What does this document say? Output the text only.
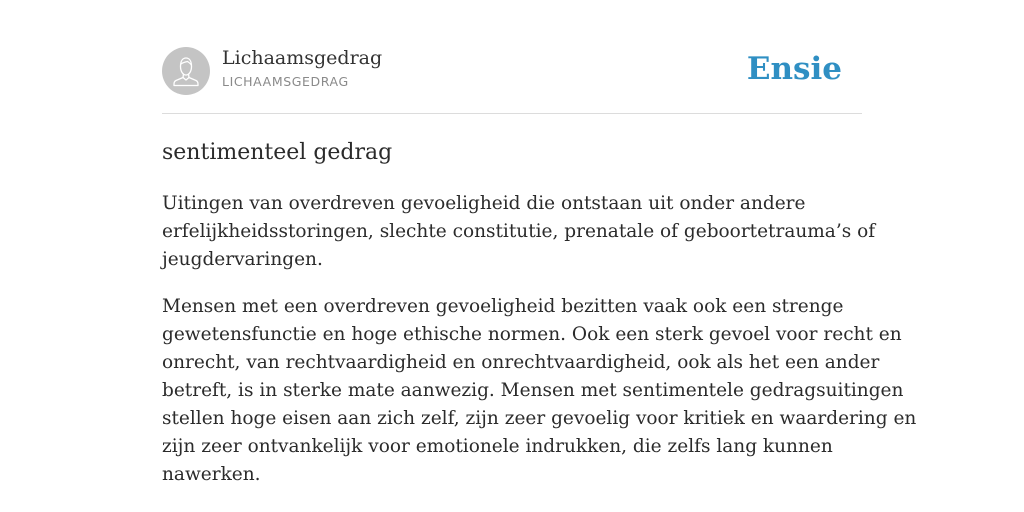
Lichaamsgedrag
LICHAAMSGEDRAG	Ensie
sentimenteel gedrag

Uitingen van overdreven gevoeligheid die ontstaan uit onder andere
erfelijkheidsstoringen, slechte constitutie, prenatale of geboortetrauma’s of
jeugdervaringen.

Mensen met een overdreven gevoeligheid bezitten vaak ook een strenge
gewetensfunctie en hoge ethische normen. Ook een sterk gevoel voor recht en
onrecht, van rechtvaardigheid en onrechtvaardigheid, ook als het een ander
betreft, is in sterke mate aanwezig. Mensen met sentimentele gedragsuitingen
stellen hoge eisen aan zich zelf, zijn zeer gevoelig voor kritiek en waardering en
zijn zeer ontvankelijk voor emotionele indrukken, die zelfs lang kunnen
nawerken.
